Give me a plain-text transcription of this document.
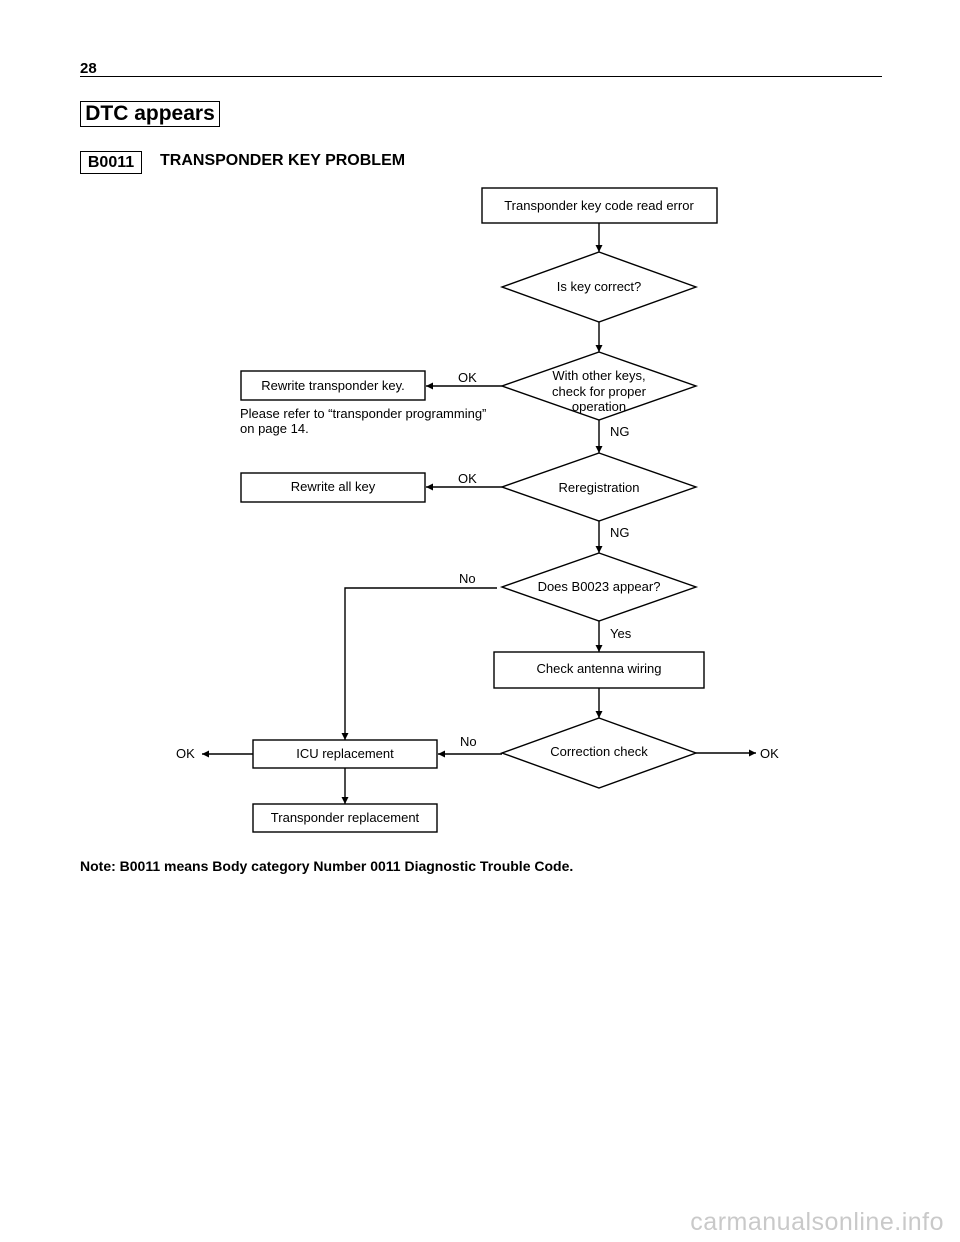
28
DTC appears
B0011	TRANSPONDER KEY PROBLEM
Transponder key code read error
Is key correct?
With other keys,
check for proper
operation
Rewrite transponder key.
Please refer to “transponder programming”
on page 14.
Reregistration
Rewrite all key
Does B0023 appear?
Check antenna wiring
Correction check
ICU replacement
Transponder replacement
OK
NG
OK
NG
No
Yes
No
OK
OK
Note: B0011 means Body category Number 0011 Diagnostic Trouble Code.
carmanualsonline.info
